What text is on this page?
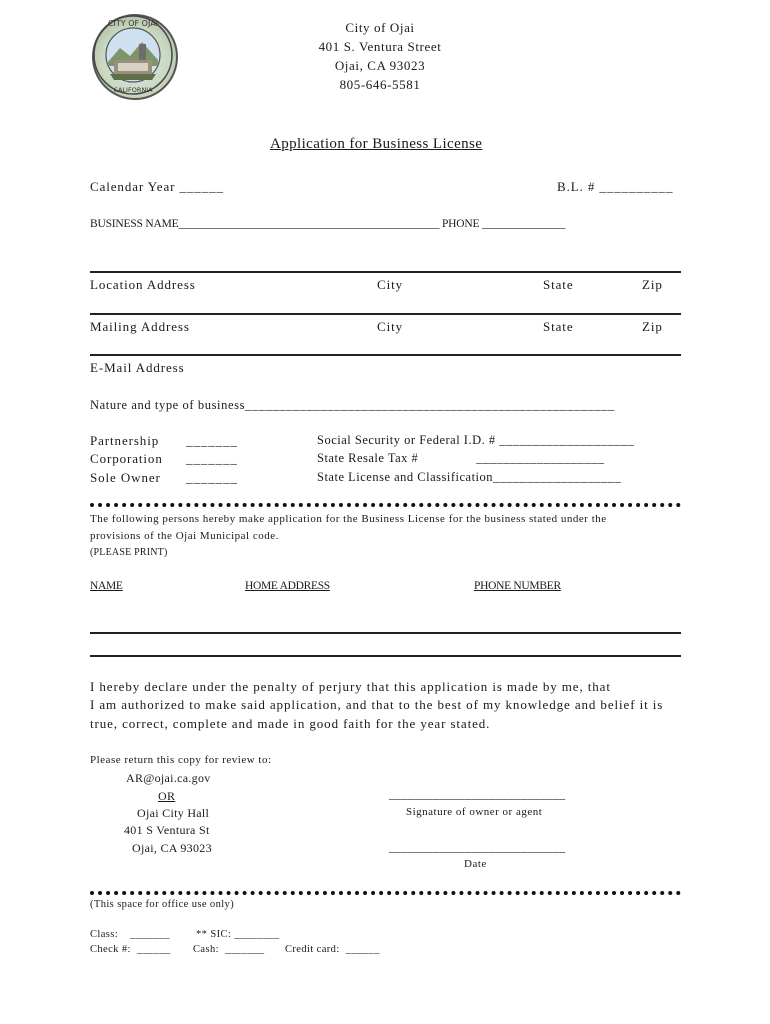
CITY OF OJAI
CALIFORNIA
City of Ojai
401 S. Ventura Street
Ojai, CA 93023
805-646-5581
Application for Business License
Calendar Year ______	B.L. # __________
BUSINESS NAME_______________________________________________ PHONE _______________
Location Address	City	State	Zip
Mailing Address	City	State	Zip
E-Mail Address
Nature and type of business______________________________________________________
Partnership _______
Corporation _______
Sole Owner _______
Social Security or Federal I.D. # ____________________
State Resale Tax #                ___________________
State License and Classification___________________
The following persons hereby make application for the Business License for the business stated under the
provisions of the Ojai Municipal code.
(PLEASE PRINT)
NAME	HOME ADDRESS	PHONE NUMBER
I hereby declare under the penalty of perjury that this application is made by me, that
I am authorized to make said application, and that to the best of my knowledge and belief it is
true, correct, complete and made in good faith for the year stated.
Please return this copy for review to:
AR@ojai.ca.gov
OR
Ojai City Hall
401 S Ventura St
Ojai, CA 93023
____________________________
Signature of owner or agent
____________________________
Date
(This space for office use only)
Class:    _______	** SIC: ________
Check #:  ______ Cash:  _______ Credit card:  ______
